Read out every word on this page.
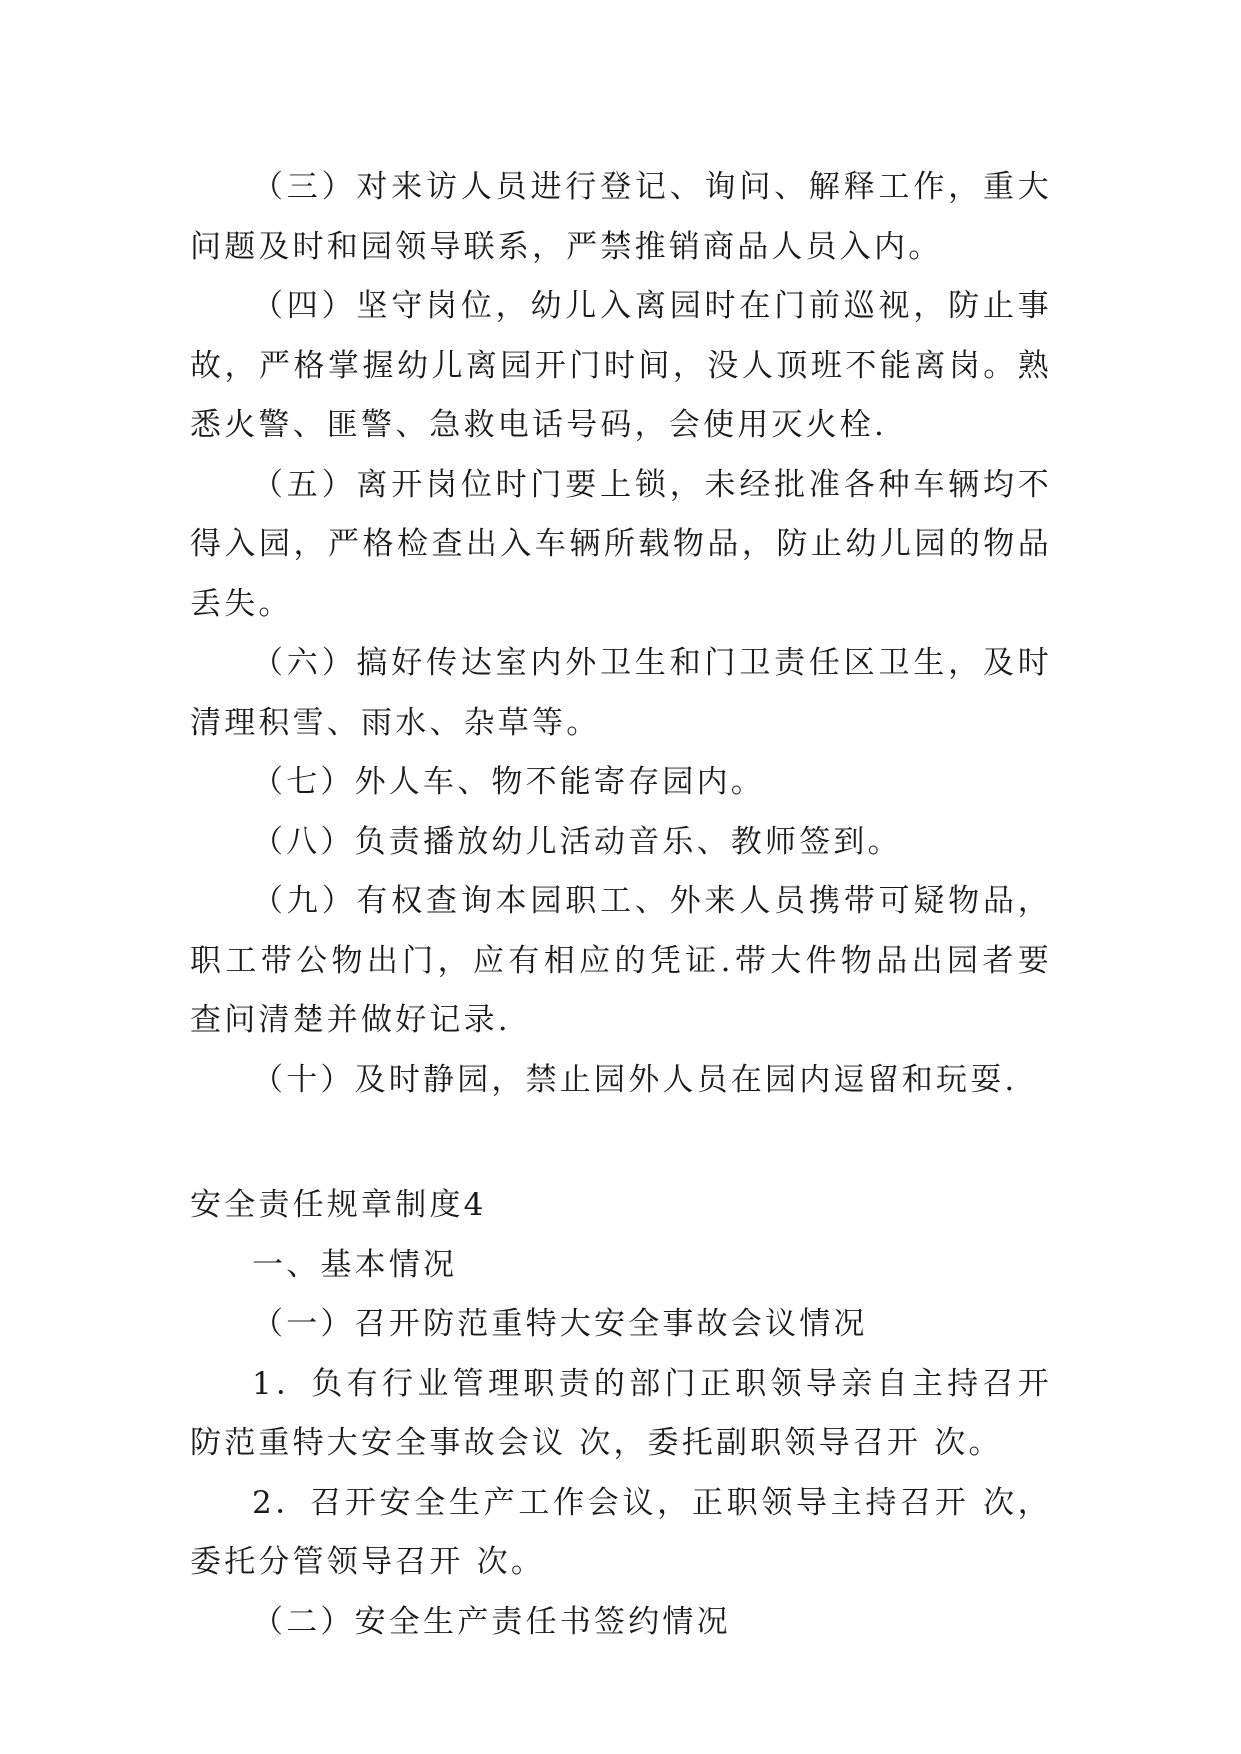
（三）对来访人员进行登记、询问、解释工作，重大问题及时和园领导联系，严禁推销商品人员入内。

（四）坚守岗位，幼儿入离园时在门前巡视，防止事故，严格掌握幼儿离园开门时间，没人顶班不能离岗。熟悉火警、匪警、急救电话号码，会使用灭火栓.

（五）离开岗位时门要上锁，未经批准各种车辆均不得入园，严格检查出入车辆所载物品，防止幼儿园的物品丢失。

（六）搞好传达室内外卫生和门卫责任区卫生，及时清理积雪、雨水、杂草等。

（七）外人车、物不能寄存园内。

（八）负责播放幼儿活动音乐、教师签到。

（九）有权查询本园职工、外来人员携带可疑物品，职工带公物出门，应有相应的凭证.带大件物品出园者要查问清楚并做好记录.

（十）及时静园，禁止园外人员在园内逗留和玩耍.

安全责任规章制度4

一、基本情况

（一）召开防范重特大安全事故会议情况

1．负有行业管理职责的部门正职领导亲自主持召开防范重特大安全事故会议 次，委托副职领导召开 次。

2．召开安全生产工作会议，正职领导主持召开 次，委托分管领导召开 次。

（二）安全生产责任书签约情况
